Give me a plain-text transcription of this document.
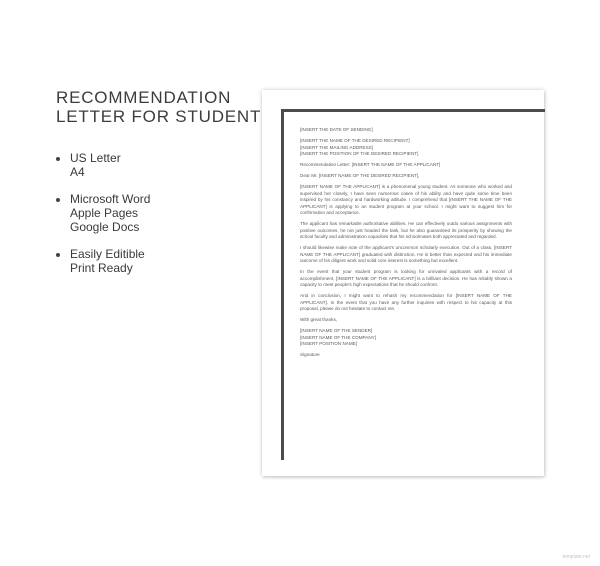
RECOMMENDATION
LETTER FOR STUDENT
US Letter
A4
Microsoft Word
Apple Pages
Google Docs
Easily Editible
Print Ready

[INSERT THE DATE OF SENDING]

[INSERT THE NAME OF THE DESIRED RECIPIENT]
[INSERT THE MAILING ADDRESS]
[INSERT THE POSITION OF THE DESIRED RECIPIENT]

Recommendation Letter: [INSERT THE NAME OF THE APPLICANT]

Dear Mr. [INSERT NAME OF THE DESIRED RECIPIENT],

[INSERT NAME OF THE APPLICANT] is a phenomenal young student. As someone who worked and supervised her closely, I have seen numerous cases of his ability and have quite some time been inspired by his constancy and hardworking attitude. I comprehend that [INSERT THE NAME OF THE APPLICANT] is applying to an student program at your school. I might want to suggest him for confirmation and acceptance.

The applicant has remarkable authoritative abilities. He can effectively outdo various assignments with positive outcomes, he not just headed the task, but he also guaranteed its prosperity by showing the school faculty and administration capacities that his schoolmates both appreciated and regarded.

I should likewise make note of the applicant's uncommon scholarly execution. Out of a class, [INSERT NAME OF THE APPLICANT] graduated with distinction. He is better than expected and his immediate outcome of his diligent work and solid core interest is something but excellent.

In the event that your student program is looking for unrivaled applicants with a record of accomplishment, [INSERT NAME OF THE APPLICANT] is a brilliant decision. He has reliably shown a capacity to meet people's high expectations that he should confront.

And in conclusion, I might want to rehash my recommendation for [INSERT NAME OF THE APPLICANT]. In the event that you have any further inquiries with respect to his capacity at this proposal, please do not hesitate to contact me.

With great thanks,

[INSERT NAME OF THE SENDER]
[INSERT NAME OF THE COMPANY]
[INSERT POSITION NAME]

Signature

template.net
